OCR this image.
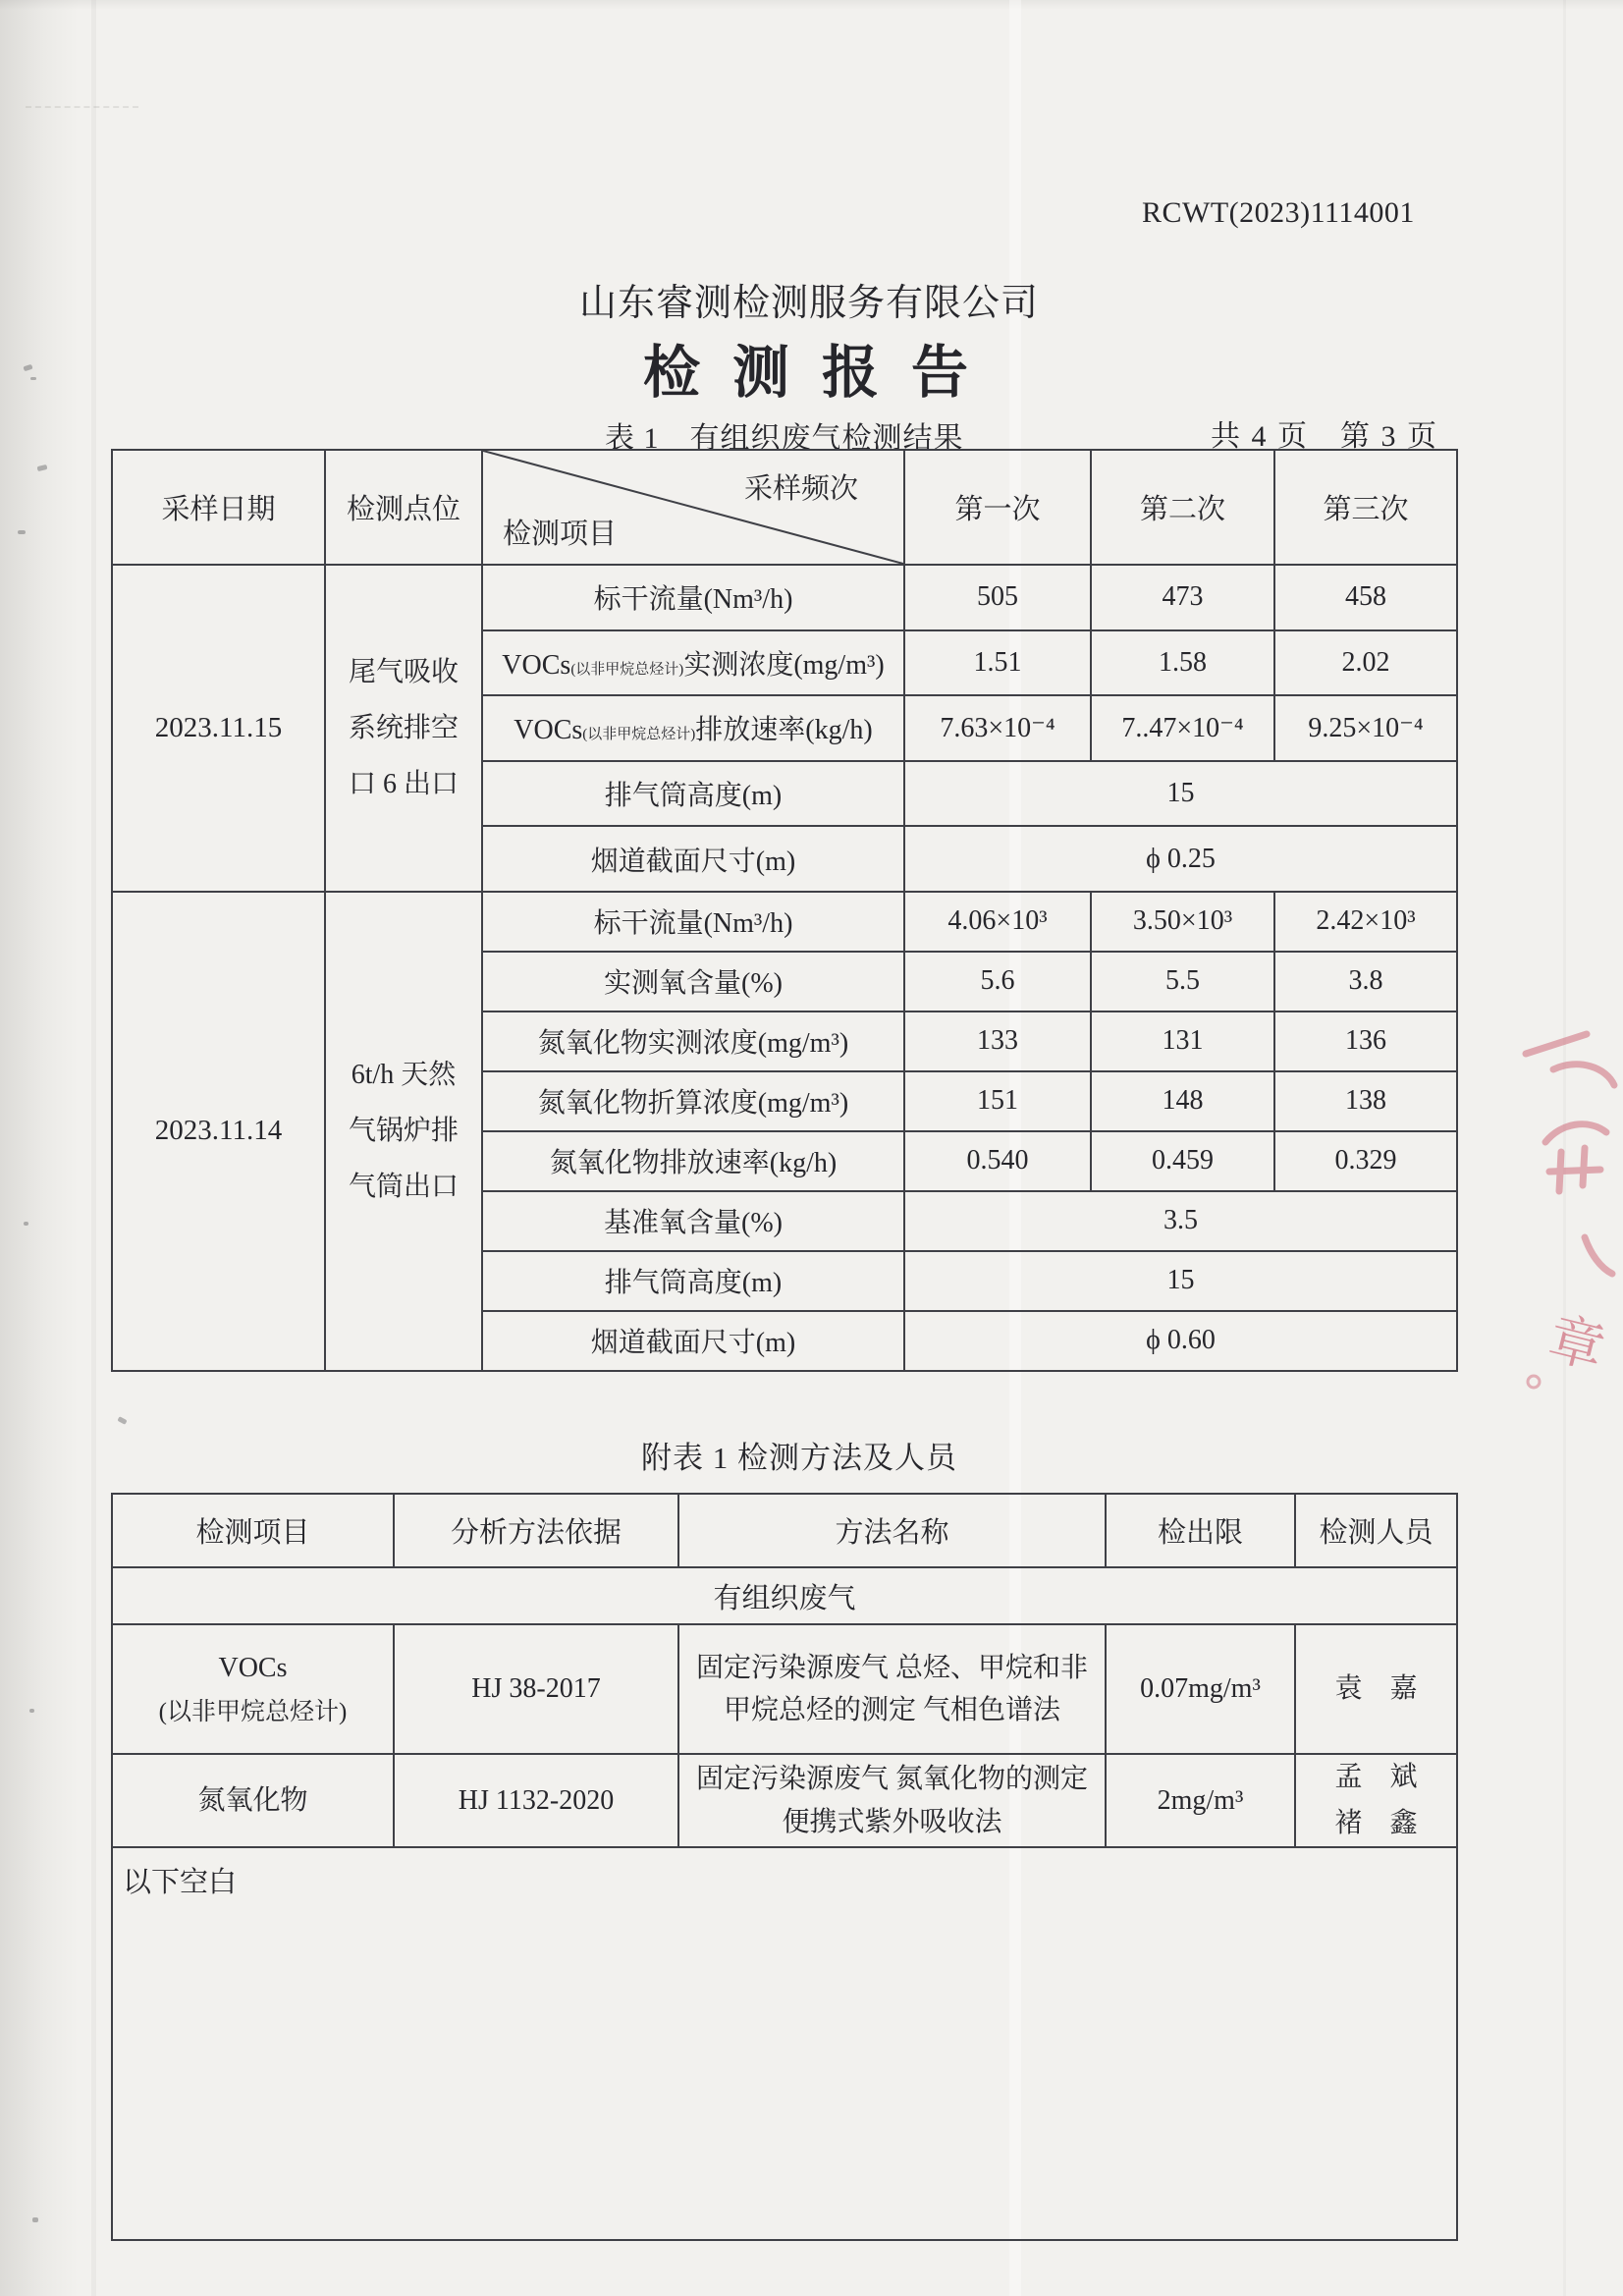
RCWT(2023)1114001
山东睿测检测服务有限公司
检测报告
表 1　有组织废气检测结果	共 4 页　第 3 页
采样日期	检测点位	采样频次
检测项目	第一次	第二次	第三次
2023.11.15	尾气吸收
系统排空
口 6 出口	标干流量(Nm³/h)	505	473	458
		VOCs(以非甲烷总烃计)实测浓度(mg/m³)	1.51	1.58	2.02
		VOCs(以非甲烷总烃计)排放速率(kg/h)	7.63×10⁻⁴	7..47×10⁻⁴	9.25×10⁻⁴
		排气筒高度(m)	15		
		烟道截面尺寸(m)	ϕ 0.25		
2023.11.14	6t/h 天然
气锅炉排
气筒出口	标干流量(Nm³/h)	4.06×10³	3.50×10³	2.42×10³
		实测氧含量(%)	5.6	5.5	3.8
		氮氧化物实测浓度(mg/m³)	133	131	136
		氮氧化物折算浓度(mg/m³)	151	148	138
		氮氧化物排放速率(kg/h)	0.540	0.459	0.329
		基准氧含量(%)	3.5		
		排气筒高度(m)	15		
		烟道截面尺寸(m)	ϕ 0.60		
附表 1 检测方法及人员
检测项目	分析方法依据	方法名称	检出限	检测人员
有组织废气				

VOCs
(以非甲烷总烃计)	HJ 38-2017	固定污染源废气 总烃、甲烷和非甲烷总烃的测定 气相色谱法	0.07mg/m³	袁　嘉

氮氧化物	HJ 1132-2020	固定污染源废气 氮氧化物的测定 便携式紫外吸收法	2mg/m³	孟　斌
褚　鑫

以下空白				
章
